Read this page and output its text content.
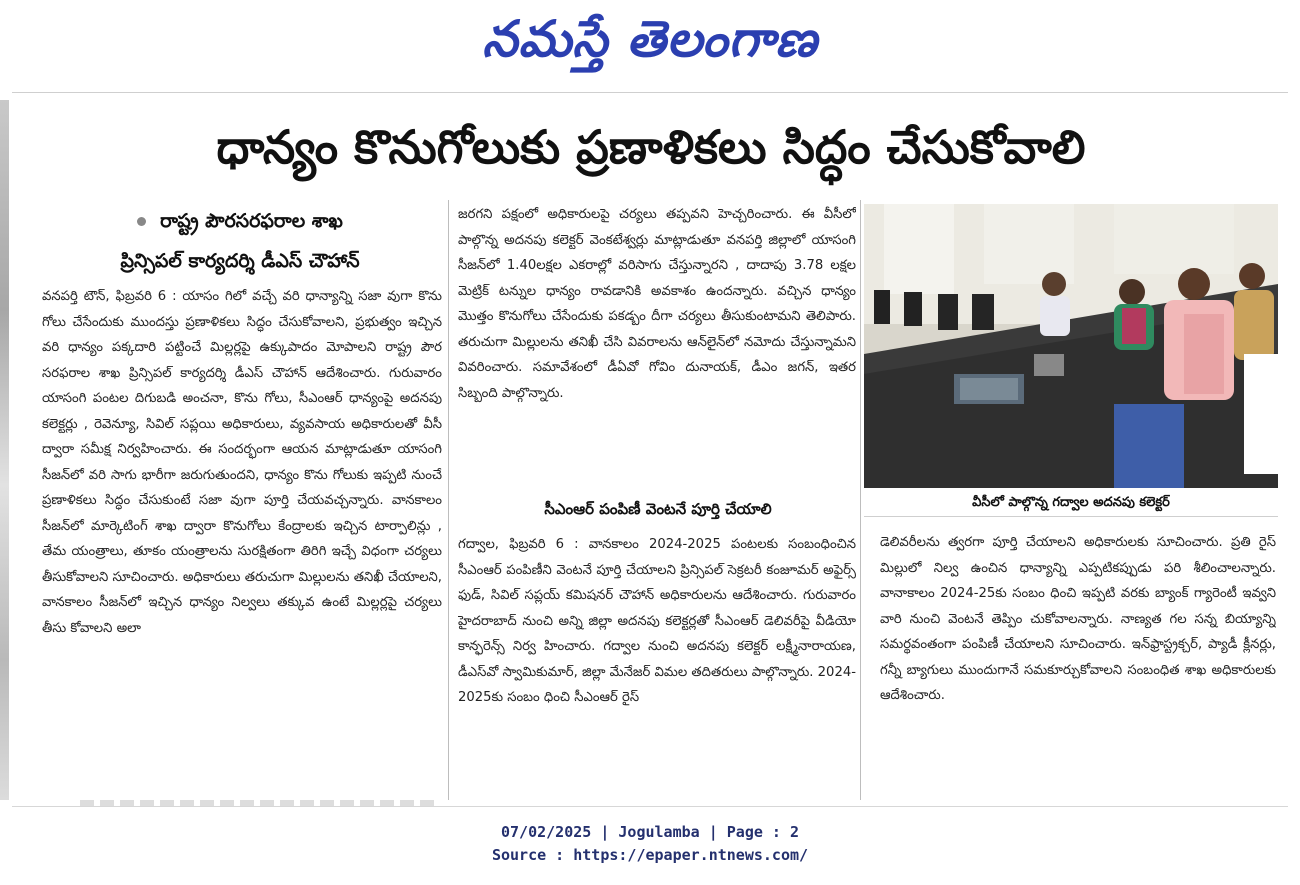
నమస్తే తెలంగాణ
ధాన్యం కొనుగోలుకు ప్రణాళికలు సిద్ధం చేసుకోవాలి
రాష్ట్ర పౌరసరఫరాల శాఖ
ప్రిన్సిపల్ కార్యదర్శి డీఎస్ చౌహాన్

వనపర్తి టౌన్, ఫిబ్రవరి 6 : యాసం గిలో వచ్చే వరి ధాన్యాన్ని సజా వుగా కొను గోలు చేసేందుకు ముందస్తు ప్రణాళికలు సిద్ధం చేసుకోవాలని, ప్రభుత్వం ఇచ్చిన వరి ధాన్యం పక్కదారి పట్టించే మిల్లర్లపై ఉక్కుపాదం మోపాలని రాష్ట్ర పౌర సరఫరాల శాఖ ప్రిన్సిపల్ కార్యదర్శి డీఎస్ చౌహాన్ ఆదేశించారు. గురువారం యాసంగి పంటల దిగుబడి అంచనా, కొను గోలు, సీఎంఆర్ ధాన్యంపై అదనపు కలెక్టర్లు , రెవెన్యూ, సివిల్ సప్లయి అధికారులు, వ్యవసాయ అధికారులతో వీసీ ద్వారా సమీక్ష నిర్వహించారు. ఈ సందర్భంగా ఆయన మాట్లాడుతూ యాసంగి సీజన్‌లో వరి సాగు భారీగా జరుగుతుందని, ధాన్యం కొను గోలుకు ఇప్పటి నుంచే ప్రణాళికలు సిద్ధం చేసుకుంటే సజా వుగా పూర్తి చేయవచ్చన్నారు. వానకాలం సీజన్‌లో మార్కెటింగ్ శాఖ ద్వారా కొనుగోలు కేంద్రాలకు ఇచ్చిన టార్పాలిన్లు , తేమ యంత్రాలు, తూకం యంత్రాలను సురక్షితంగా తిరిగి ఇచ్చే విధంగా చర్యలు తీసుకోవాలని సూచించారు. అధికారులు తరుచుగా మిల్లులను తనిఖీ చేయాలని, వానకాలం సీజన్‌లో ఇచ్చిన ధాన్యం నిల్వలు తక్కువ ఉంటే మిల్లర్లపై చర్యలు తీసు కోవాలని అలా

జరగని పక్షంలో అధికారులపై చర్యలు తప్పవని హెచ్చరించారు. ఈ వీసీలో పాల్గొన్న అదనపు కలెక్టర్ వెంకటేశ్వర్లు మాట్లాడుతూ వనపర్తి జిల్లాలో యాసంగి సీజన్‌లో 1.40లక్షల ఎకరాల్లో వరిసాగు చేస్తున్నారని , దాదాపు 3.78 లక్షల మెట్రిక్ టన్నుల ధాన్యం రావడానికి అవకాశం ఉందన్నారు. వచ్చిన ధాన్యం మొత్తం కొనుగోలు చేసేందుకు పకడ్బం దీగా చర్యలు తీసుకుంటామని తెలిపారు. తరుచుగా మిల్లులను తనిఖీ చేసి వివరాలను ఆన్‌లైన్‌లో నమోదు చేస్తున్నామని వివరించారు. సమావేశంలో డీఏవో గోవిం దునాయక్, డీఎం జగన్, ఇతర సిబ్బంది పాల్గొన్నారు.

సీఎంఆర్ పంపిణీ వెంటనే పూర్తి చేయాలి

గద్వాల, ఫిబ్రవరి 6 : వానకాలం 2024-2025 పంటలకు సంబంధించిన సీఎంఆర్ పంపిణీని వెంటనే పూర్తి చేయాలని ప్రిన్సిపల్ సెక్రటరీ కంజూమర్ అఫైర్స్ ఫుడ్, సివిల్ సప్లయ్ కమిషనర్ చౌహాన్ అధికారులను ఆదేశించారు. గురువారం హైదరాబాద్ నుంచి అన్ని జిల్లా అదనపు కలెక్టర్లతో సీఎంఆర్ డెలివరీపై వీడియో కాన్ఫరెన్స్ నిర్వ హించారు. గద్వాల నుంచి అదనపు కలెక్టర్ లక్ష్మీనారాయణ, డీఎస్‌వో స్వామికుమార్, జిల్లా మేనేజర్ విమల తదితరులు పాల్గొన్నారు. 2024-2025కు సంబం ధించి సీఎంఆర్ రైస్

వీసీలో పాల్గొన్న గద్వాల అదనపు కలెక్టర్

డెలివరీలను త్వరగా పూర్తి చేయాలని అధికారులకు సూచించారు. ప్రతి రైస్ మిల్లులో నిల్వ ఉంచిన ధాన్యాన్ని ఎప్పటికప్పుడు పరి శీలించాలన్నారు. వానాకాలం 2024-25కు సంబం ధించి ఇప్పటి వరకు బ్యాంక్ గ్యారెంటీ ఇవ్వని వారి నుంచి వెంటనే తెప్పిం చుకోవాలన్నారు. నాణ్యత గల సన్న బియ్యాన్ని సమర్థవంతంగా పంపిణీ చేయాలని సూచించారు. ఇన్‌ఫ్రాస్ట్రక్చర్, ప్యాడీ క్లీనర్లు, గన్నీ బ్యాగులు ముందుగానే సమకూర్చుకోవాలని సంబంధిత శాఖ అధికారులకు ఆదేశించారు.

07/02/2025 | Jogulamba | Page : 2
Source : https://epaper.ntnews.com/
